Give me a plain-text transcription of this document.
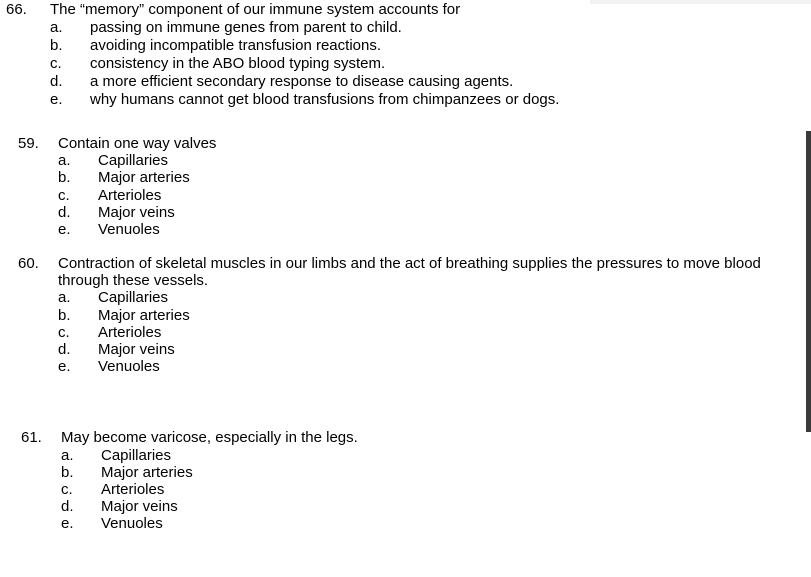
66. The “memory” component of our immune system accounts for
a. passing on immune genes from parent to child.
b. avoiding incompatible transfusion reactions.
c. consistency in the ABO blood typing system.
d. a more efficient secondary response to disease causing agents.
e. why humans cannot get blood transfusions from chimpanzees or dogs.
59. Contain one way valves
a. Capillaries
b. Major arteries
c. Arterioles
d. Major veins
e. Venuoles
60. Contraction of skeletal muscles in our limbs and the act of breathing supplies the pressures to move blood through these vessels.
a. Capillaries
b. Major arteries
c. Arterioles
d. Major veins
e. Venuoles
61. May become varicose, especially in the legs.
a. Capillaries
b. Major arteries
c. Arterioles
d. Major veins
e. Venuoles
